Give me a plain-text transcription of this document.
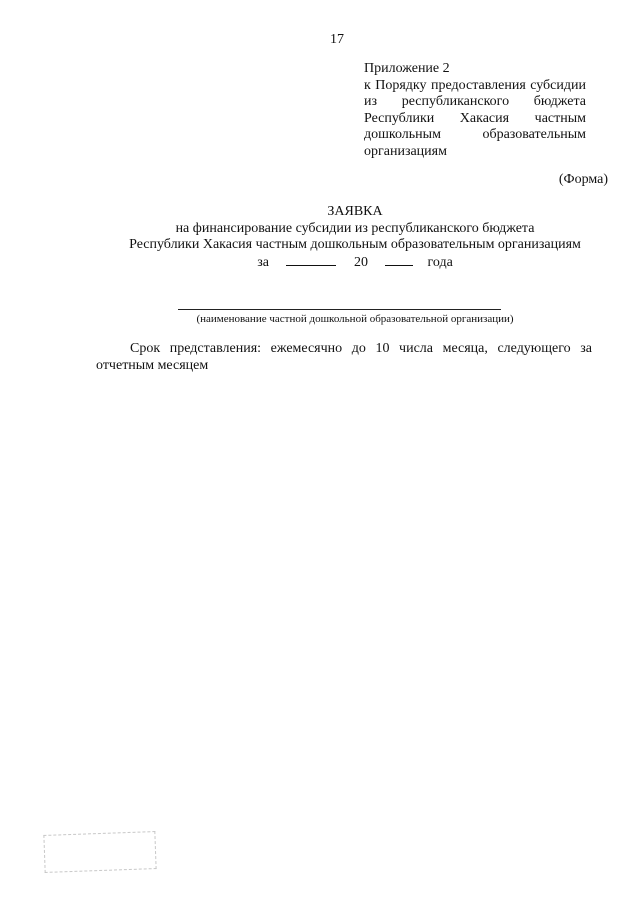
17
Приложение 2
к Порядку предоставления субсидии
из республиканского бюджета
Республики Хакасия частным
дошкольным образовательным
организациям
(Форма)
ЗАЯВКА
на финансирование субсидии из республиканского бюджета
Республики Хакасия частным дошкольным образовательным организациям
за	20	года
(наименование частной дошкольной образовательной организации)
Срок представления: ежемесячно до 10 числа месяца, следующего за отчетным месяцем
